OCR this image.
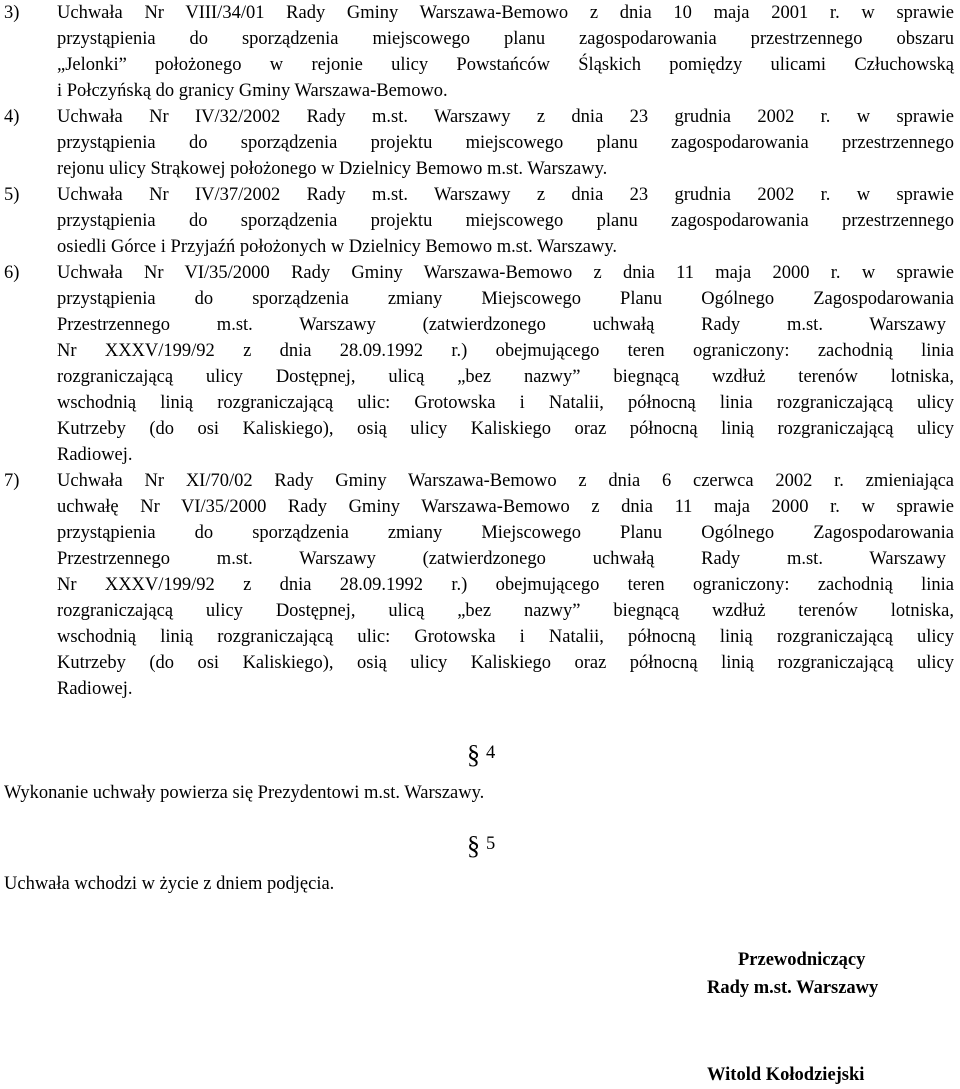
3) Uchwała Nr VIII/34/01 Rady Gminy Warszawa-Bemowo z dnia 10 maja 2001 r. w sprawie
przystąpienia do sporządzenia miejscowego planu zagospodarowania przestrzennego obszaru
„Jelonki” położonego w rejonie ulicy Powstańców Śląskich pomiędzy ulicami Człuchowską
i Połczyńską do granicy Gminy Warszawa-Bemowo.
4) Uchwała Nr IV/32/2002 Rady m.st. Warszawy z dnia 23 grudnia 2002 r. w sprawie
przystąpienia do sporządzenia projektu miejscowego planu zagospodarowania przestrzennego
rejonu ulicy Strąkowej położonego w Dzielnicy Bemowo m.st. Warszawy.
5) Uchwała Nr IV/37/2002 Rady m.st. Warszawy z dnia 23 grudnia 2002 r. w sprawie
przystąpienia do sporządzenia projektu miejscowego planu zagospodarowania przestrzennego
osiedli Górce i Przyjaźń położonych w Dzielnicy Bemowo m.st. Warszawy.
6) Uchwała Nr VI/35/2000 Rady Gminy Warszawa-Bemowo z dnia 11 maja 2000 r. w sprawie
przystąpienia do sporządzenia zmiany Miejscowego Planu Ogólnego Zagospodarowania
Przestrzennego m.st. Warszawy (zatwierdzonego uchwałą Rady m.st. Warszawy
Nr XXXV/199/92 z dnia 28.09.1992 r.) obejmującego teren ograniczony: zachodnią linia
rozgraniczającą ulicy Dostępnej, ulicą „bez nazwy” biegnącą wzdłuż terenów lotniska,
wschodnią linią rozgraniczającą ulic: Grotowska i Natalii, północną linia rozgraniczającą ulicy
Kutrzeby (do osi Kaliskiego), osią ulicy Kaliskiego oraz północną linią rozgraniczającą ulicy
Radiowej.
7) Uchwała Nr XI/70/02 Rady Gminy Warszawa-Bemowo z dnia 6 czerwca 2002 r. zmieniająca
uchwałę Nr VI/35/2000 Rady Gminy Warszawa-Bemowo z dnia 11 maja 2000 r. w sprawie
przystąpienia do sporządzenia zmiany Miejscowego Planu Ogólnego Zagospodarowania
Przestrzennego m.st. Warszawy (zatwierdzonego uchwałą Rady m.st. Warszawy
Nr XXXV/199/92 z dnia 28.09.1992 r.) obejmującego teren ograniczony: zachodnią linia
rozgraniczającą ulicy Dostępnej, ulicą „bez nazwy” biegnącą wzdłuż terenów lotniska,
wschodnią linią rozgraniczającą ulic: Grotowska i Natalii, północną linią rozgraniczającą ulicy
Kutrzeby (do osi Kaliskiego), osią ulicy Kaliskiego oraz północną linią rozgraniczającą ulicy
Radiowej.
§ 4
Wykonanie uchwały powierza się Prezydentowi m.st. Warszawy.
§ 5
Uchwała wchodzi w życie z dniem podjęcia.
Przewodniczący
Rady m.st. Warszawy
Witold Kołodziejski
